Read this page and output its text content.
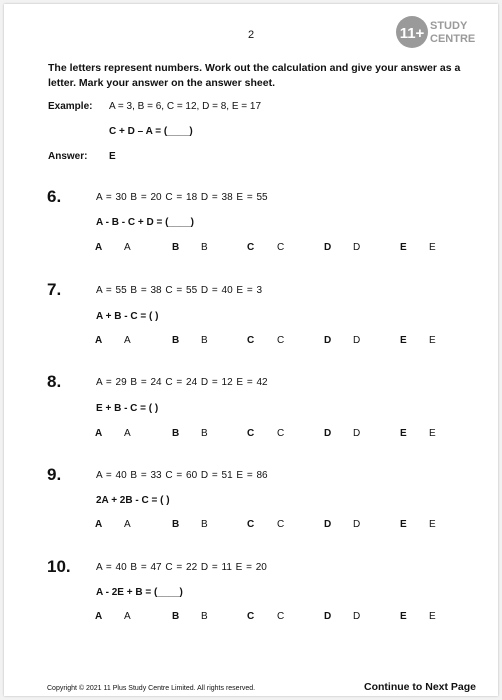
2	11+ STUDY
CENTRE
The letters represent numbers. Work out the calculation and give your answer as a letter. Mark your answer on the answer sheet.
Example: A = 3, B = 6, C = 12, D = 8, E = 17
C + D – A = (____)
Answer: E
6.	A = 30 B = 20 C = 18 D = 38 E = 55
A - B - C + D = (____)
A A	B B	C C	D D	E E
7.	A = 55 B = 38 C = 55 D = 40 E = 3
A + B - C = ( )
A A	B B	C C	D D	E E
8.	A = 29 B = 24 C = 24 D = 12 E = 42
E + B - C = ( )
A A	B B	C C	D D	E E
9.	A = 40 B = 33 C = 60 D = 51 E = 86
2A + 2B - C = ( )
A A	B B	C C	D D	E E
10.	A = 40 B = 47 C = 22 D = 11 E = 20
A - 2E + B = (____)
A A	B B	C C	D D	E E
Copyright © 2021 11 Plus Study Centre Limited. All rights reserved.	Continue to Next Page
